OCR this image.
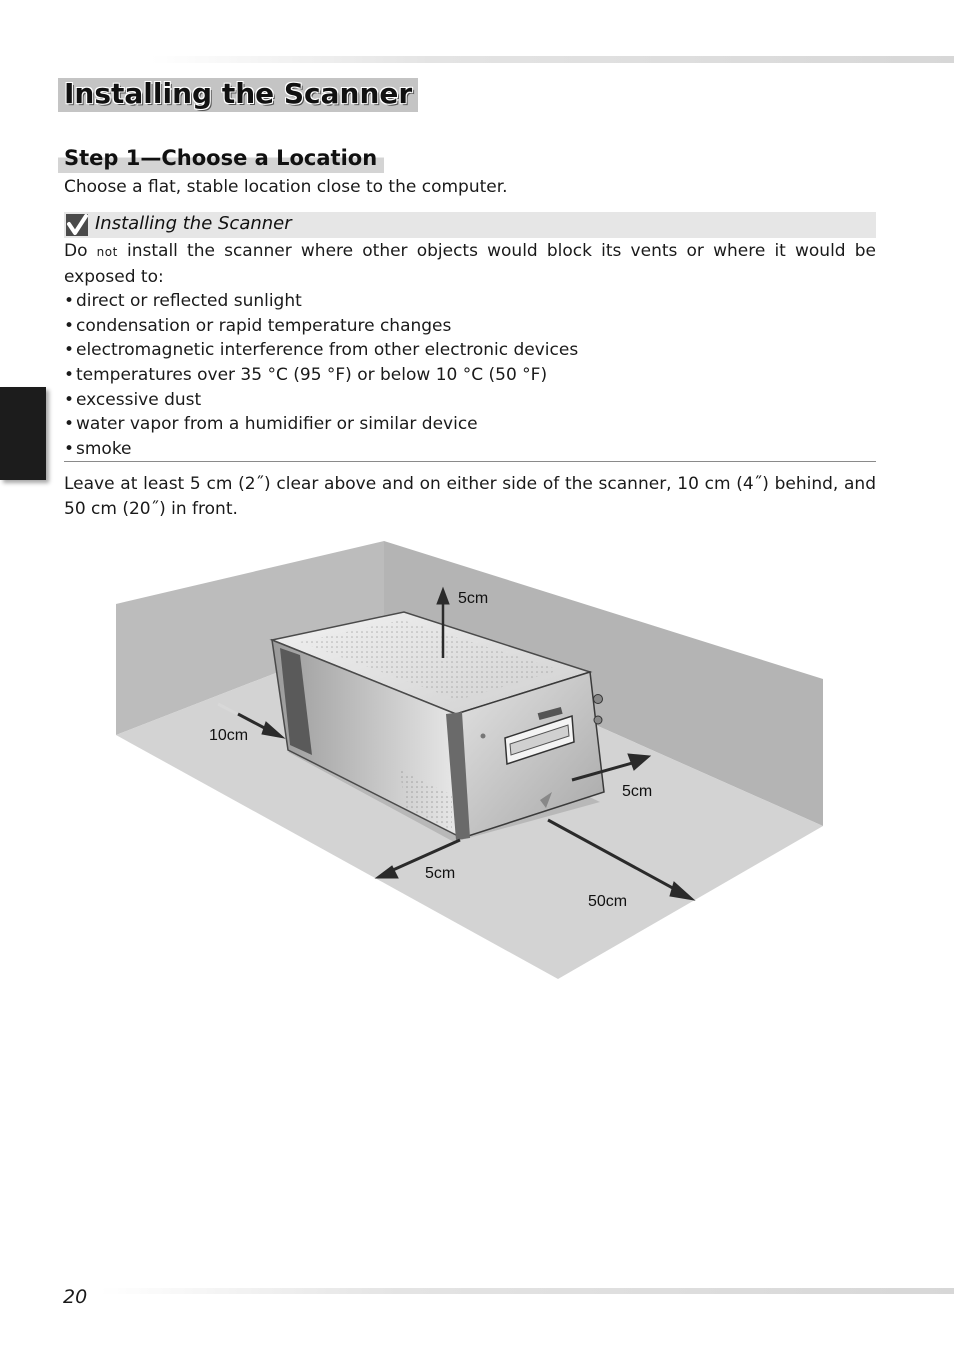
Installing the Scanner
Step 1—Choose a Location
Choose a flat, stable location close to the computer.
Installing the Scanner

Do not install the scanner where other objects would block its vents or where it would be exposed to:

• direct or reflected sunlight
• condensation or rapid temperature changes
• electromagnetic interference from other electronic devices
• temperatures over 35 °C (95 °F) or below 10 °C (50 °F)
• excessive dust
• water vapor from a humidifier or similar device
• smoke
Leave at least 5 cm (2˝) clear above and on either side of the scanner, 10 cm (4˝) behind, and 50 cm (20˝) in front.
5cm
10cm
5cm
5cm
50cm
20
